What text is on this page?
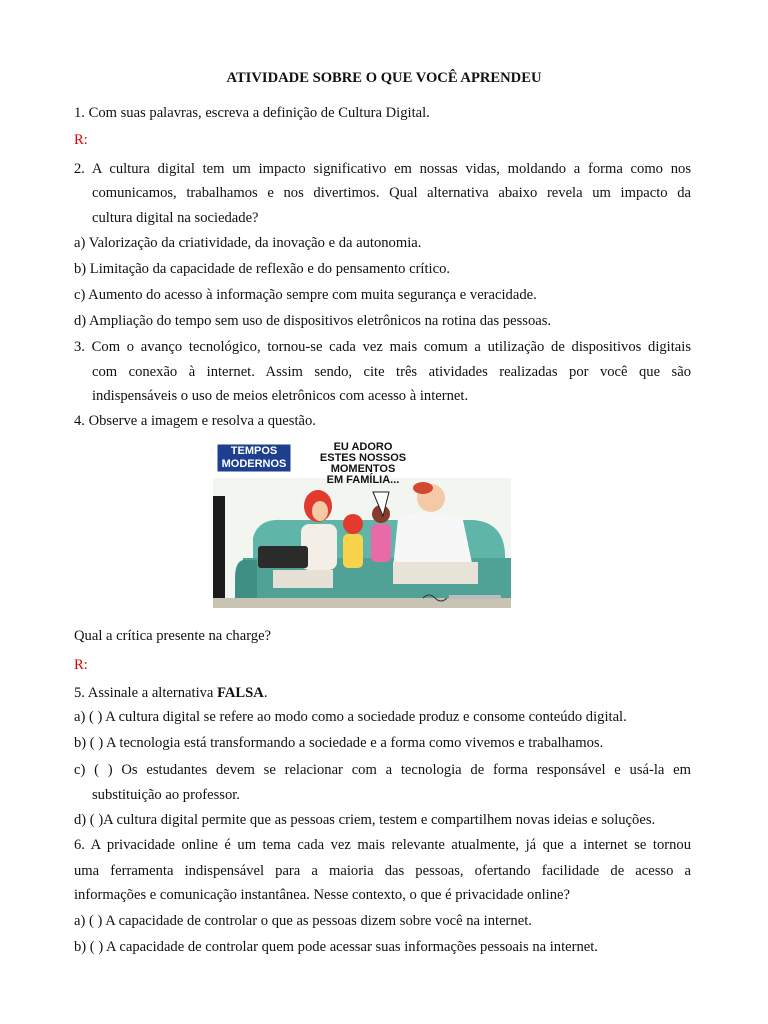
ATIVIDADE SOBRE O QUE VOCÊ APRENDEU
1. Com suas palavras, escreva a definição de Cultura Digital.
R:
2. A cultura digital tem um impacto significativo em nossas vidas, moldando a forma como nos
comunicamos, trabalhamos e nos divertimos. Qual alternativa abaixo revela um impacto da
cultura digital na sociedade?
a) Valorização da criatividade, da inovação e da autonomia.
b) Limitação da capacidade de reflexão e do pensamento crítico.
c) Aumento do acesso à informação sempre com muita segurança e veracidade.
d) Ampliação do tempo sem uso de dispositivos eletrônicos na rotina das pessoas.
3. Com o avanço tecnológico, tornou-se cada vez mais comum a utilização de dispositivos digitais
com conexão à internet. Assim sendo, cite três atividades realizadas por você que são
indispensáveis o uso de meios eletrônicos com acesso à internet.
4. Observe a imagem e resolva a questão.
TEMPOS
MODERNOS
EU ADORO
ESTES NOSSOS
MOMENTOS
EM FAMÍLIA...
Qual a crítica presente na charge?
R:
5. Assinale a alternativa FALSA.
a) ( ) A cultura digital se refere ao modo como a sociedade produz e consome conteúdo digital.
b) ( ) A tecnologia está transformando a sociedade e a forma como vivemos e trabalhamos.
c) ( ) Os estudantes devem se relacionar com a tecnologia de forma responsável e usá-la em
substituição ao professor.
d) ( )A cultura digital permite que as pessoas criem, testem e compartilhem novas ideias e soluções.
6. A privacidade online é um tema cada vez mais relevante atualmente, já que a internet se tornou
uma ferramenta indispensável para a maioria das pessoas, ofertando facilidade de acesso a
informações e comunicação instantânea. Nesse contexto, o que é privacidade online?
a) ( ) A capacidade de controlar o que as pessoas dizem sobre você na internet.
b) ( ) A capacidade de controlar quem pode acessar suas informações pessoais na internet.
